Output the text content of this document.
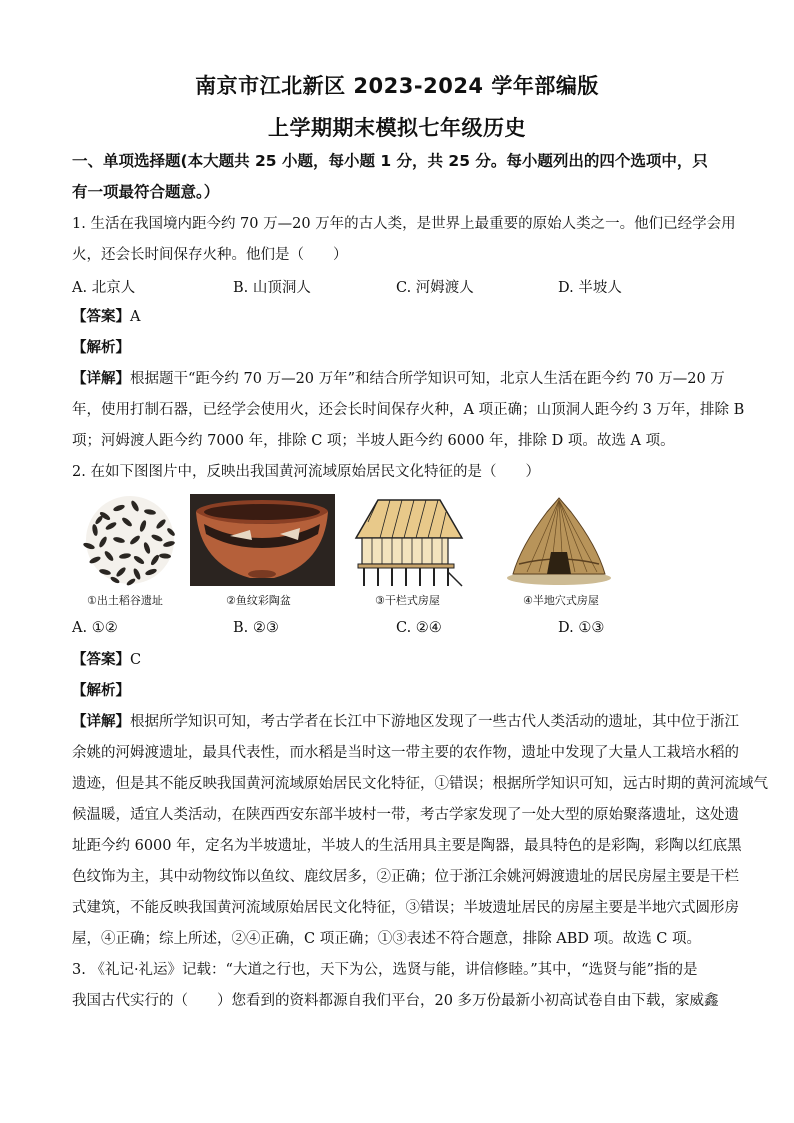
南京市江北新区 2023-2024 学年部编版
上学期期末模拟七年级历史
一、单项选择题(本大题共 25 小题，每小题 1 分，共 25 分。每小题列出的四个选项中，只
有一项最符合题意。）
1. 生活在我国境内距今约 70 万—20 万年的古人类，是世界上最重要的原始人类之一。他们已经学会用
火，还会长时间保存火种。他们是（　　）
A. 北京人	B. 山顶洞人	C. 河姆渡人	D. 半坡人
【答案】A
【解析】
【详解】根据题干“距今约 70 万—20 万年”和结合所学知识可知，北京人生活在距今约 70 万—20 万
年，使用打制石器，已经学会使用火，还会长时间保存火种，A 项正确；山顶洞人距今约 3 万年，排除 B
项；河姆渡人距今约 7000 年，排除 C 项；半坡人距今约 6000 年，排除 D 项。故选 A 项。
2. 在如下图图片中，反映出我国黄河流域原始居民文化特征的是（　　）
①出土稻谷遗址	②鱼纹彩陶盆	③干栏式房屋	④半地穴式房屋
A. ①②	B. ②③	C. ②④	D. ①③
【答案】C
【解析】
【详解】根据所学知识可知，考古学者在长江中下游地区发现了一些古代人类活动的遗址，其中位于浙江
余姚的河姆渡遗址，最具代表性，而水稻是当时这一带主要的农作物，遗址中发现了大量人工栽培水稻的
遗迹，但是其不能反映我国黄河流域原始居民文化特征，①错误；根据所学知识可知，远古时期的黄河流域气
候温暖，适宜人类活动，在陕西西安东部半坡村一带，考古学家发现了一处大型的原始聚落遗址，这处遗
址距今约 6000 年，定名为半坡遗址，半坡人的生活用具主要是陶器，最具特色的是彩陶，彩陶以红底黑
色纹饰为主，其中动物纹饰以鱼纹、鹿纹居多，②正确；位于浙江余姚河姆渡遗址的居民房屋主要是干栏
式建筑，不能反映我国黄河流域原始居民文化特征，③错误；半坡遗址居民的房屋主要是半地穴式圆形房
屋，④正确；综上所述，②④正确，C 项正确；①③表述不符合题意，排除 ABD 项。故选 C 项。
3. 《礼记·礼运》记载：“大道之行也，天下为公，选贤与能，讲信修睦。”其中，“选贤与能”指的是
我国古代实行的（　　）您看到的资料都源自我们平台，20 多万份最新小初高试卷自由下载，家威鑫
